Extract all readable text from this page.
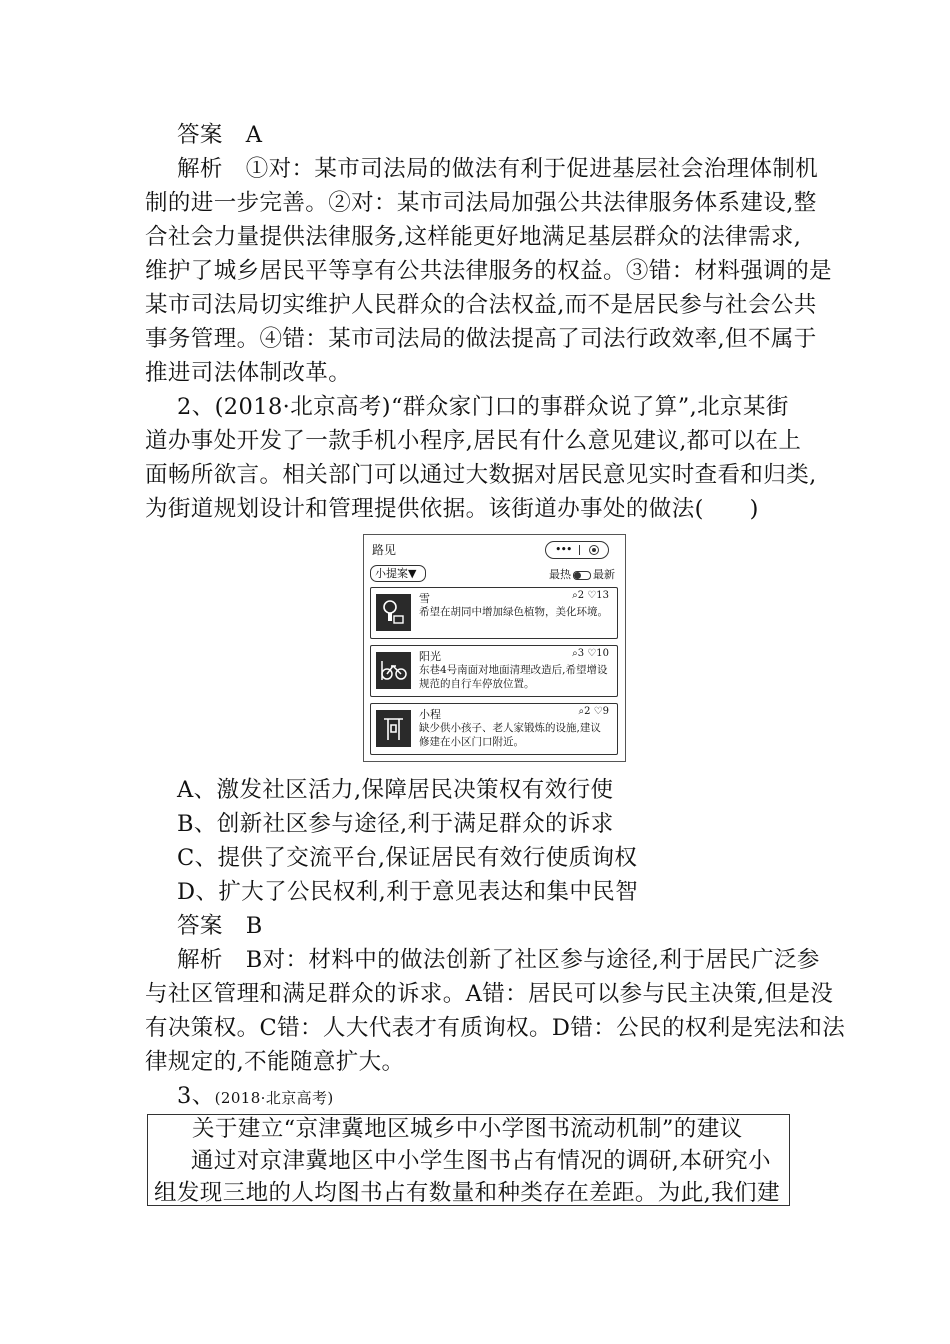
答案　A
解析　①对：某市司法局的做法有利于促进基层社会治理体制机
制的进一步完善。②对：某市司法局加强公共法律服务体系建设,整
合社会力量提供法律服务,这样能更好地满足基层群众的法律需求,
维护了城乡居民平等享有公共法律服务的权益。③错：材料强调的是
某市司法局切实维护人民群众的合法权益,而不是居民参与社会公共
事务管理。④错：某市司法局的做法提高了司法行政效率,但不属于
推进司法体制改革。
2、(2018·北京高考)“群众家门口的事群众说了算”,北京某街
道办事处开发了一款手机小程序,居民有什么意见建议,都可以在上
面畅所欲言。相关部门可以通过大数据对居民意见实时查看和归类,
为街道规划设计和管理提供依据。该街道办事处的做法(　　)
路见	•••
小提案▼	最热 最新
雪	⌕2 ♡13
希望在胡同中增加绿色植物，美化环境。
阳光	⌕3 ♡10
东巷4号南面对地面清理改造后,希望增设规范的自行车停放位置。
小程	⌕2 ♡9
缺少供小孩子、老人家锻炼的设施,建议修建在小区门口附近。
A、激发社区活力,保障居民决策权有效行使
B、创新社区参与途径,利于满足群众的诉求
C、提供了交流平台,保证居民有效行使质询权
D、扩大了公民权利,利于意见表达和集中民智
答案　B
解析　B对：材料中的做法创新了社区参与途径,利于居民广泛参
与社区管理和满足群众的诉求。A错：居民可以参与民主决策,但是没
有决策权。C错：人大代表才有质询权。D错：公民的权利是宪法和法
律规定的,不能随意扩大。
3、(2018·北京高考)
关于建立“京津冀地区城乡中小学图书流动机制”的建议
　通过对京津冀地区中小学生图书占有情况的调研,本研究小
组发现三地的人均图书占有数量和种类存在差距。为此,我们建
